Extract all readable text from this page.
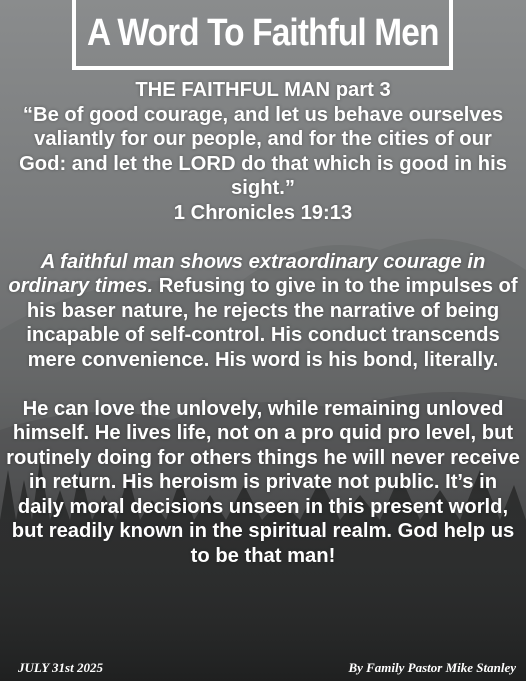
A Word To Faithful Men

THE FAITHFUL MAN part 3

“Be of good courage, and let us behave ourselves

valiantly for our people, and for the cities of our

God: and let the LORD do that which is good in his

sight.”

1 Chronicles 19:13

A faithful man shows extraordinary courage in ordinary times. Refusing to give in to the impulses of his baser nature, he rejects the narrative of being incapable of self-control. His conduct transcends mere convenience. His word is his bond, literally.

He can love the unlovely, while remaining unloved himself. He lives life, not on a pro quid pro level, but routinely doing for others things he will never receive in return. His heroism is private not public. It’s in daily moral decisions unseen in this present world, but readily known in the spiritual realm. God help us to be that man!

JULY 31st 2025	By Family Pastor Mike Stanley
